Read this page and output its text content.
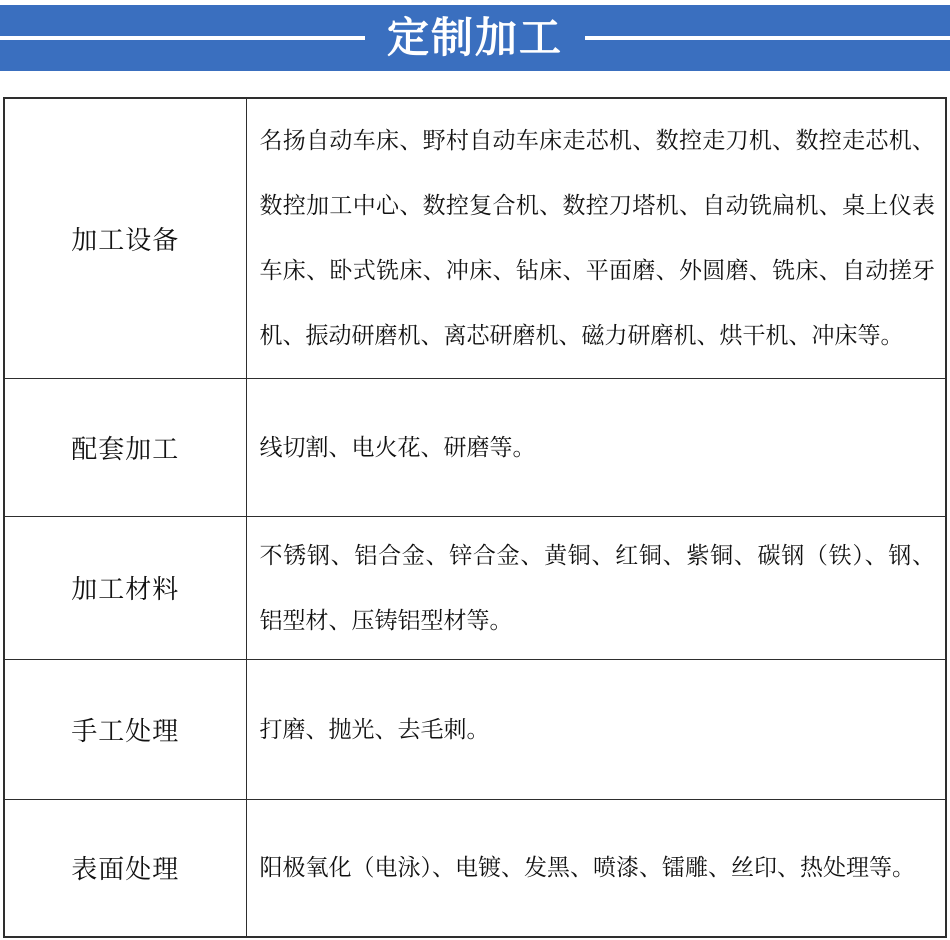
定制加工
加工设备	名扬自动车床、野村自动车床走芯机、数控走刀机、数控走芯机、数控加工中心、数控复合机、数控刀塔机、自动铣扁机、桌上仪表车床、卧式铣床、冲床、钻床、平面磨、外圆磨、铣床、自动搓牙机、振动研磨机、离芯研磨机、磁力研磨机、烘干机、冲床等。
配套加工	线切割、电火花、研磨等。
加工材料	不锈钢、铝合金、锌合金、黄铜、红铜、紫铜、碳钢（铁）、钢、铝型材、压铸铝型材等。
手工处理	打磨、抛光、去毛刺。
表面处理	阳极氧化（电泳）、电镀、发黑、喷漆、镭雕、丝印、热处理等。
